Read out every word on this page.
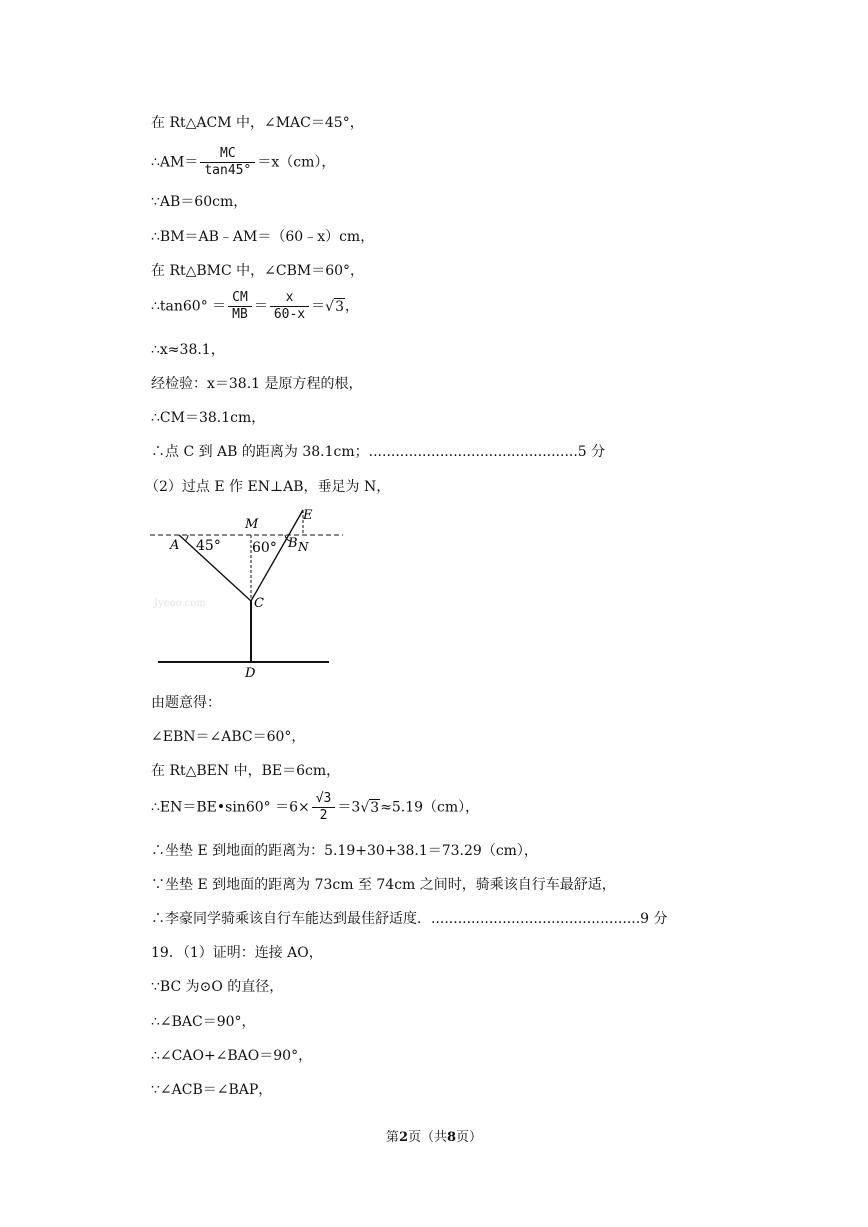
在 Rt△ACM 中，∠MAC＝45°，
∴AM＝ $\frac{MC}{\tan 45^\circ} =x(cm)$，
∵AB＝60cm，
∴BM＝AB﹣AM＝（60﹣x）cm，
在 Rt△BMC 中，∠CBM＝60°，
∴tan60° ＝ $\frac{CM}{MB} = \frac{x}{60-x} =√3$，
∴x≈38.1，
经检验：x＝38.1 是原方程的根，
∴CM＝38.1cm，
∴点 C 到 AB 的距离为 38.1cm；...............................................5 分
（2）过点 E 作 EN⊥AB，垂足为 N，
A 45°
M
60°
E
B N
C
D
Jyeoo.com
由题意得：
∠EBN＝∠ABC＝60°，
在 Rt△BEN 中，BE＝6cm，
∴EN＝BE•sin60° $=6\times \frac{√3}{2} =3√3\approx 5.19(cm)$，
∴坐垫 E 到地面的距离为：5.19+30+38.1＝73.29（cm），
∵坐垫 E 到地面的距离为 73cm 至 74cm 之间时，骑乘该自行车最舒适，
∴李豪同学骑乘该自行车能达到最佳舒适度．...............................................9 分
19．（1）证明：连接 AO，
∵BC 为⊙O 的直径，
∴∠BAC＝90°，
∴∠CAO+∠BAO＝90°，
∵∠ACB＝∠BAP，
第2页（共8页）
